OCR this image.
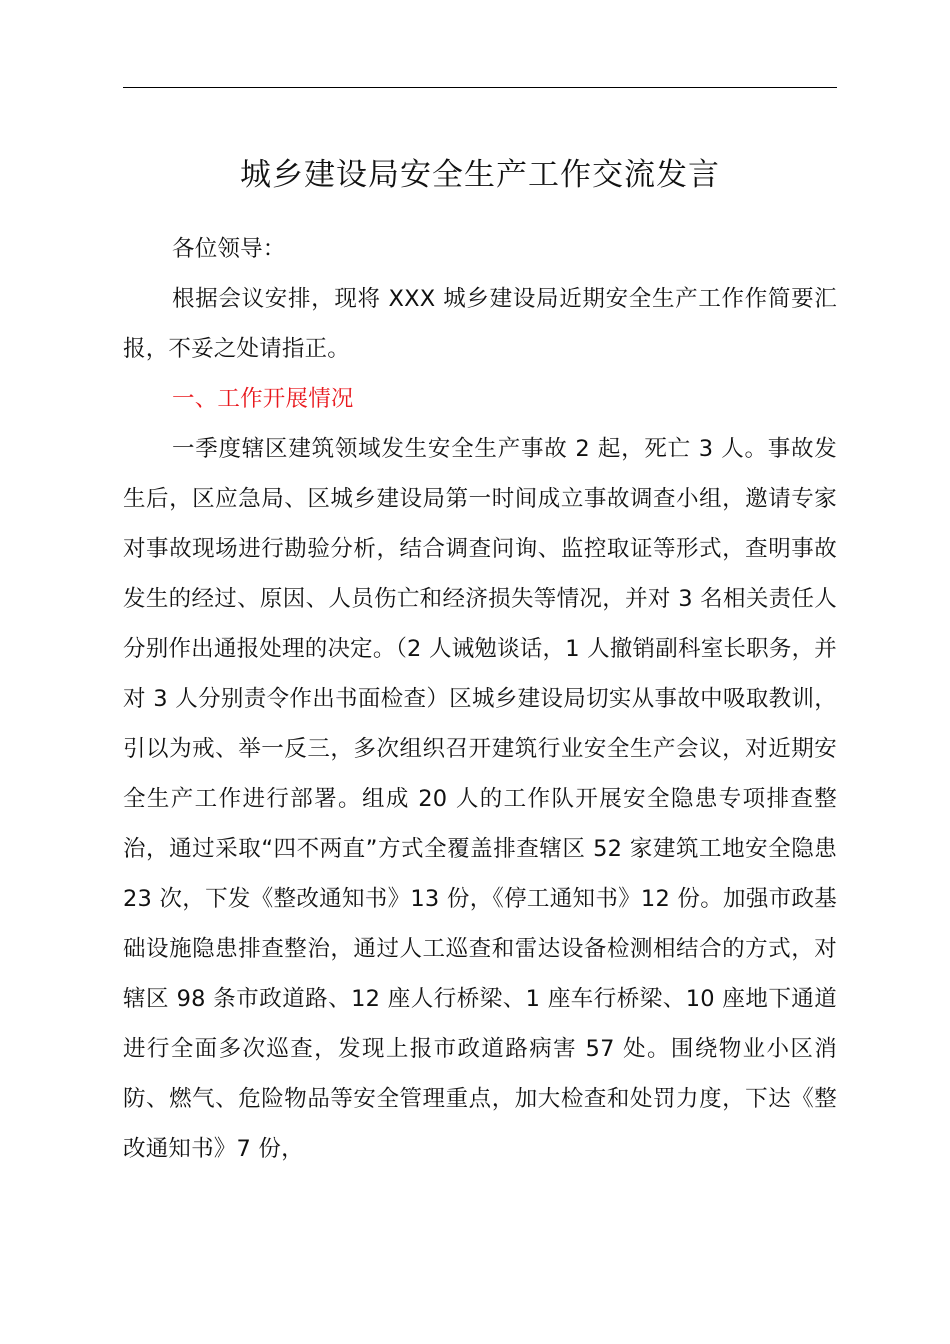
城乡建设局安全生产工作交流发言

各位领导：

根据会议安排，现将 XXX 城乡建设局近期安全生产工作作简要汇报，不妥之处请指正。

一、工作开展情况

一季度辖区建筑领域发生安全生产事故 2 起，死亡 3 人。事故发生后，区应急局、区城乡建设局第一时间成立事故调查小组，邀请专家对事故现场进行勘验分析，结合调查问询、监控取证等形式，查明事故发生的经过、原因、人员伤亡和经济损失等情况，并对 3 名相关责任人分别作出通报处理的决定。（2 人诫勉谈话，1 人撤销副科室长职务，并对 3 人分别责令作出书面检查）区城乡建设局切实从事故中吸取教训，引以为戒、举一反三，多次组织召开建筑行业安全生产会议，对近期安全生产工作进行部署。组成 20 人的工作队开展安全隐患专项排查整治，通过采取“四不两直”方式全覆盖排查辖区 52 家建筑工地安全隐患 23 次，下发《整改通知书》13 份，《停工通知书》12 份。加强市政基础设施隐患排查整治，通过人工巡查和雷达设备检测相结合的方式，对辖区 98 条市政道路、12 座人行桥梁、1 座车行桥梁、10 座地下通道进行全面多次巡查，发现上报市政道路病害 57 处。围绕物业小区消防、燃气、危险物品等安全管理重点，加大检查和处罚力度，下达《整改通知书》7 份，
